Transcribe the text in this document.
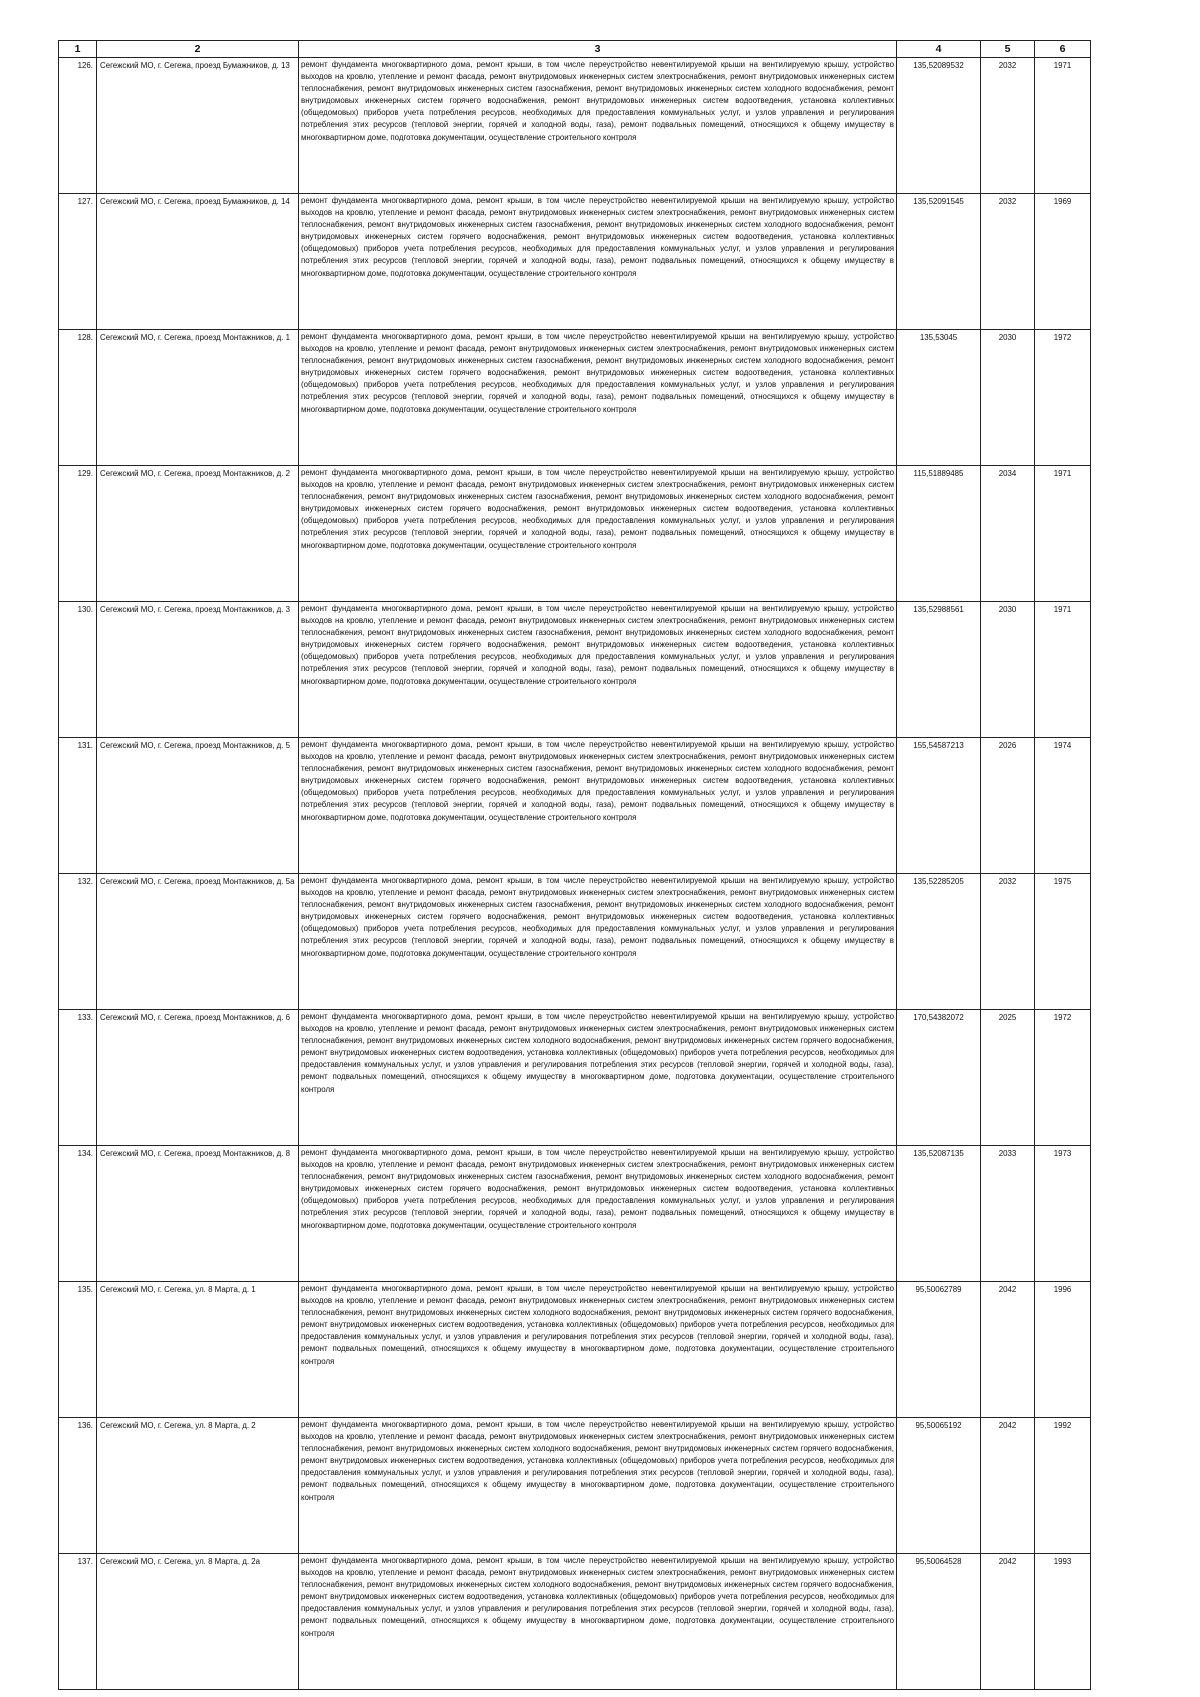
1	2	3	4	5	6
126.	Сегежский МО, г. Сегежа, проезд Бумажников, д. 13	ремонт фундамента многоквартирного дома, ремонт крыши, в том числе переустройство невентилируемой крыши на вентилируемую крышу, устройство выходов на кровлю, утепление и ремонт фасада, ремонт внутридомовых инженерных систем электроснабжения, ремонт внутридомовых инженерных систем теплоснабжения, ремонт внутридомовых инженерных систем газоснабжения, ремонт внутридомовых инженерных систем холодного водоснабжения, ремонт внутридомовых инженерных систем горячего водоснабжения, ремонт внутридомовых инженерных систем водоотведения, установка коллективных (общедомовых) приборов учета потребления ресурсов, необходимых для предоставления коммунальных услуг, и узлов управления и регулирования потребления этих ресурсов (тепловой энергии, горячей и холодной воды, газа), ремонт подвальных помещений, относящихся к общему имуществу в многоквартирном доме, подготовка документации, осуществление строительного контроля	135,52089532	2032	1971
127.	Сегежский МО, г. Сегежа, проезд Бумажников, д. 14	ремонт фундамента многоквартирного дома, ремонт крыши, в том числе переустройство невентилируемой крыши на вентилируемую крышу, устройство выходов на кровлю, утепление и ремонт фасада, ремонт внутридомовых инженерных систем электроснабжения, ремонт внутридомовых инженерных систем теплоснабжения, ремонт внутридомовых инженерных систем газоснабжения, ремонт внутридомовых инженерных систем холодного водоснабжения, ремонт внутридомовых инженерных систем горячего водоснабжения, ремонт внутридомовых инженерных систем водоотведения, установка коллективных (общедомовых) приборов учета потребления ресурсов, необходимых для предоставления коммунальных услуг, и узлов управления и регулирования потребления этих ресурсов (тепловой энергии, горячей и холодной воды, газа), ремонт подвальных помещений, относящихся к общему имуществу в многоквартирном доме, подготовка документации, осуществление строительного контроля	135,52091545	2032	1969
128.	Сегежский МО, г. Сегежа, проезд Монтажников, д. 1	ремонт фундамента многоквартирного дома, ремонт крыши, в том числе переустройство невентилируемой крыши на вентилируемую крышу, устройство выходов на кровлю, утепление и ремонт фасада, ремонт внутридомовых инженерных систем электроснабжения, ремонт внутридомовых инженерных систем теплоснабжения, ремонт внутридомовых инженерных систем газоснабжения, ремонт внутридомовых инженерных систем холодного водоснабжения, ремонт внутридомовых инженерных систем горячего водоснабжения, ремонт внутридомовых инженерных систем водоотведения, установка коллективных (общедомовых) приборов учета потребления ресурсов, необходимых для предоставления коммунальных услуг, и узлов управления и регулирования потребления этих ресурсов (тепловой энергии, горячей и холодной воды, газа), ремонт подвальных помещений, относящихся к общему имуществу в многоквартирном доме, подготовка документации, осуществление строительного контроля	135,53045	2030	1972
129.	Сегежский МО, г. Сегежа, проезд Монтажников, д. 2	ремонт фундамента многоквартирного дома, ремонт крыши, в том числе переустройство невентилируемой крыши на вентилируемую крышу, устройство выходов на кровлю, утепление и ремонт фасада, ремонт внутридомовых инженерных систем электроснабжения, ремонт внутридомовых инженерных систем теплоснабжения, ремонт внутридомовых инженерных систем газоснабжения, ремонт внутридомовых инженерных систем холодного водоснабжения, ремонт внутридомовых инженерных систем горячего водоснабжения, ремонт внутридомовых инженерных систем водоотведения, установка коллективных (общедомовых) приборов учета потребления ресурсов, необходимых для предоставления коммунальных услуг, и узлов управления и регулирования потребления этих ресурсов (тепловой энергии, горячей и холодной воды, газа), ремонт подвальных помещений, относящихся к общему имуществу в многоквартирном доме, подготовка документации, осуществление строительного контроля	115,51889485	2034	1971
130.	Сегежский МО, г. Сегежа, проезд Монтажников, д. 3	ремонт фундамента многоквартирного дома, ремонт крыши, в том числе переустройство невентилируемой крыши на вентилируемую крышу, устройство выходов на кровлю, утепление и ремонт фасада, ремонт внутридомовых инженерных систем электроснабжения, ремонт внутридомовых инженерных систем теплоснабжения, ремонт внутридомовых инженерных систем газоснабжения, ремонт внутридомовых инженерных систем холодного водоснабжения, ремонт внутридомовых инженерных систем горячего водоснабжения, ремонт внутридомовых инженерных систем водоотведения, установка коллективных (общедомовых) приборов учета потребления ресурсов, необходимых для предоставления коммунальных услуг, и узлов управления и регулирования потребления этих ресурсов (тепловой энергии, горячей и холодной воды, газа), ремонт подвальных помещений, относящихся к общему имуществу в многоквартирном доме, подготовка документации, осуществление строительного контроля	135,52988561	2030	1971
131.	Сегежский МО, г. Сегежа, проезд Монтажников, д. 5	ремонт фундамента многоквартирного дома, ремонт крыши, в том числе переустройство невентилируемой крыши на вентилируемую крышу, устройство выходов на кровлю, утепление и ремонт фасада, ремонт внутридомовых инженерных систем электроснабжения, ремонт внутридомовых инженерных систем теплоснабжения, ремонт внутридомовых инженерных систем газоснабжения, ремонт внутридомовых инженерных систем холодного водоснабжения, ремонт внутридомовых инженерных систем горячего водоснабжения, ремонт внутридомовых инженерных систем водоотведения, установка коллективных (общедомовых) приборов учета потребления ресурсов, необходимых для предоставления коммунальных услуг, и узлов управления и регулирования потребления этих ресурсов (тепловой энергии, горячей и холодной воды, газа), ремонт подвальных помещений, относящихся к общему имуществу в многоквартирном доме, подготовка документации, осуществление строительного контроля	155,54587213	2026	1974
132.	Сегежский МО, г. Сегежа, проезд Монтажников, д. 5а	ремонт фундамента многоквартирного дома, ремонт крыши, в том числе переустройство невентилируемой крыши на вентилируемую крышу, устройство выходов на кровлю, утепление и ремонт фасада, ремонт внутридомовых инженерных систем электроснабжения, ремонт внутридомовых инженерных систем теплоснабжения, ремонт внутридомовых инженерных систем газоснабжения, ремонт внутридомовых инженерных систем холодного водоснабжения, ремонт внутридомовых инженерных систем горячего водоснабжения, ремонт внутридомовых инженерных систем водоотведения, установка коллективных (общедомовых) приборов учета потребления ресурсов, необходимых для предоставления коммунальных услуг, и узлов управления и регулирования потребления этих ресурсов (тепловой энергии, горячей и холодной воды, газа), ремонт подвальных помещений, относящихся к общему имуществу в многоквартирном доме, подготовка документации, осуществление строительного контроля	135,52285205	2032	1975
133.	Сегежский МО, г. Сегежа, проезд Монтажников, д. 6	ремонт фундамента многоквартирного дома, ремонт крыши, в том числе переустройство невентилируемой крыши на вентилируемую крышу, устройство выходов на кровлю, утепление и ремонт фасада, ремонт внутридомовых инженерных систем электроснабжения, ремонт внутридомовых инженерных систем теплоснабжения, ремонт внутридомовых инженерных систем холодного водоснабжения, ремонт внутридомовых инженерных систем горячего водоснабжения, ремонт внутридомовых инженерных систем водоотведения, установка коллективных (общедомовых) приборов учета потребления ресурсов, необходимых для предоставления коммунальных услуг, и узлов управления и регулирования потребления этих ресурсов (тепловой энергии, горячей и холодной воды, газа), ремонт подвальных помещений, относящихся к общему имуществу в многоквартирном доме, подготовка документации, осуществление строительного контроля	170,54382072	2025	1972
134.	Сегежский МО, г. Сегежа, проезд Монтажников, д. 8	ремонт фундамента многоквартирного дома, ремонт крыши, в том числе переустройство невентилируемой крыши на вентилируемую крышу, устройство выходов на кровлю, утепление и ремонт фасада, ремонт внутридомовых инженерных систем электроснабжения, ремонт внутридомовых инженерных систем теплоснабжения, ремонт внутридомовых инженерных систем газоснабжения, ремонт внутридомовых инженерных систем холодного водоснабжения, ремонт внутридомовых инженерных систем горячего водоснабжения, ремонт внутридомовых инженерных систем водоотведения, установка коллективных (общедомовых) приборов учета потребления ресурсов, необходимых для предоставления коммунальных услуг, и узлов управления и регулирования потребления этих ресурсов (тепловой энергии, горячей и холодной воды, газа), ремонт подвальных помещений, относящихся к общему имуществу в многоквартирном доме, подготовка документации, осуществление строительного контроля	135,52087135	2033	1973
135.	Сегежский МО, г. Сегежа, ул. 8 Марта, д. 1	ремонт фундамента многоквартирного дома, ремонт крыши, в том числе переустройство невентилируемой крыши на вентилируемую крышу, устройство выходов на кровлю, утепление и ремонт фасада, ремонт внутридомовых инженерных систем электроснабжения, ремонт внутридомовых инженерных систем теплоснабжения, ремонт внутридомовых инженерных систем холодного водоснабжения, ремонт внутридомовых инженерных систем горячего водоснабжения, ремонт внутридомовых инженерных систем водоотведения, установка коллективных (общедомовых) приборов учета потребления ресурсов, необходимых для предоставления коммунальных услуг, и узлов управления и регулирования потребления этих ресурсов (тепловой энергии, горячей и холодной воды, газа), ремонт подвальных помещений, относящихся к общему имуществу в многоквартирном доме, подготовка документации, осуществление строительного контроля	95,50062789	2042	1996
136.	Сегежский МО, г. Сегежа, ул. 8 Марта, д. 2	ремонт фундамента многоквартирного дома, ремонт крыши, в том числе переустройство невентилируемой крыши на вентилируемую крышу, устройство выходов на кровлю, утепление и ремонт фасада, ремонт внутридомовых инженерных систем электроснабжения, ремонт внутридомовых инженерных систем теплоснабжения, ремонт внутридомовых инженерных систем холодного водоснабжения, ремонт внутридомовых инженерных систем горячего водоснабжения, ремонт внутридомовых инженерных систем водоотведения, установка коллективных (общедомовых) приборов учета потребления ресурсов, необходимых для предоставления коммунальных услуг, и узлов управления и регулирования потребления этих ресурсов (тепловой энергии, горячей и холодной воды, газа), ремонт подвальных помещений, относящихся к общему имуществу в многоквартирном доме, подготовка документации, осуществление строительного контроля	95,50065192	2042	1992
137.	Сегежский МО, г. Сегежа, ул. 8 Марта, д. 2а	ремонт фундамента многоквартирного дома, ремонт крыши, в том числе переустройство невентилируемой крыши на вентилируемую крышу, устройство выходов на кровлю, утепление и ремонт фасада, ремонт внутридомовых инженерных систем электроснабжения, ремонт внутридомовых инженерных систем теплоснабжения, ремонт внутридомовых инженерных систем холодного водоснабжения, ремонт внутридомовых инженерных систем горячего водоснабжения, ремонт внутридомовых инженерных систем водоотведения, установка коллективных (общедомовых) приборов учета потребления ресурсов, необходимых для предоставления коммунальных услуг, и узлов управления и регулирования потребления этих ресурсов (тепловой энергии, горячей и холодной воды, газа), ремонт подвальных помещений, относящихся к общему имуществу в многоквартирном доме, подготовка документации, осуществление строительного контроля	95,50064528	2042	1993
